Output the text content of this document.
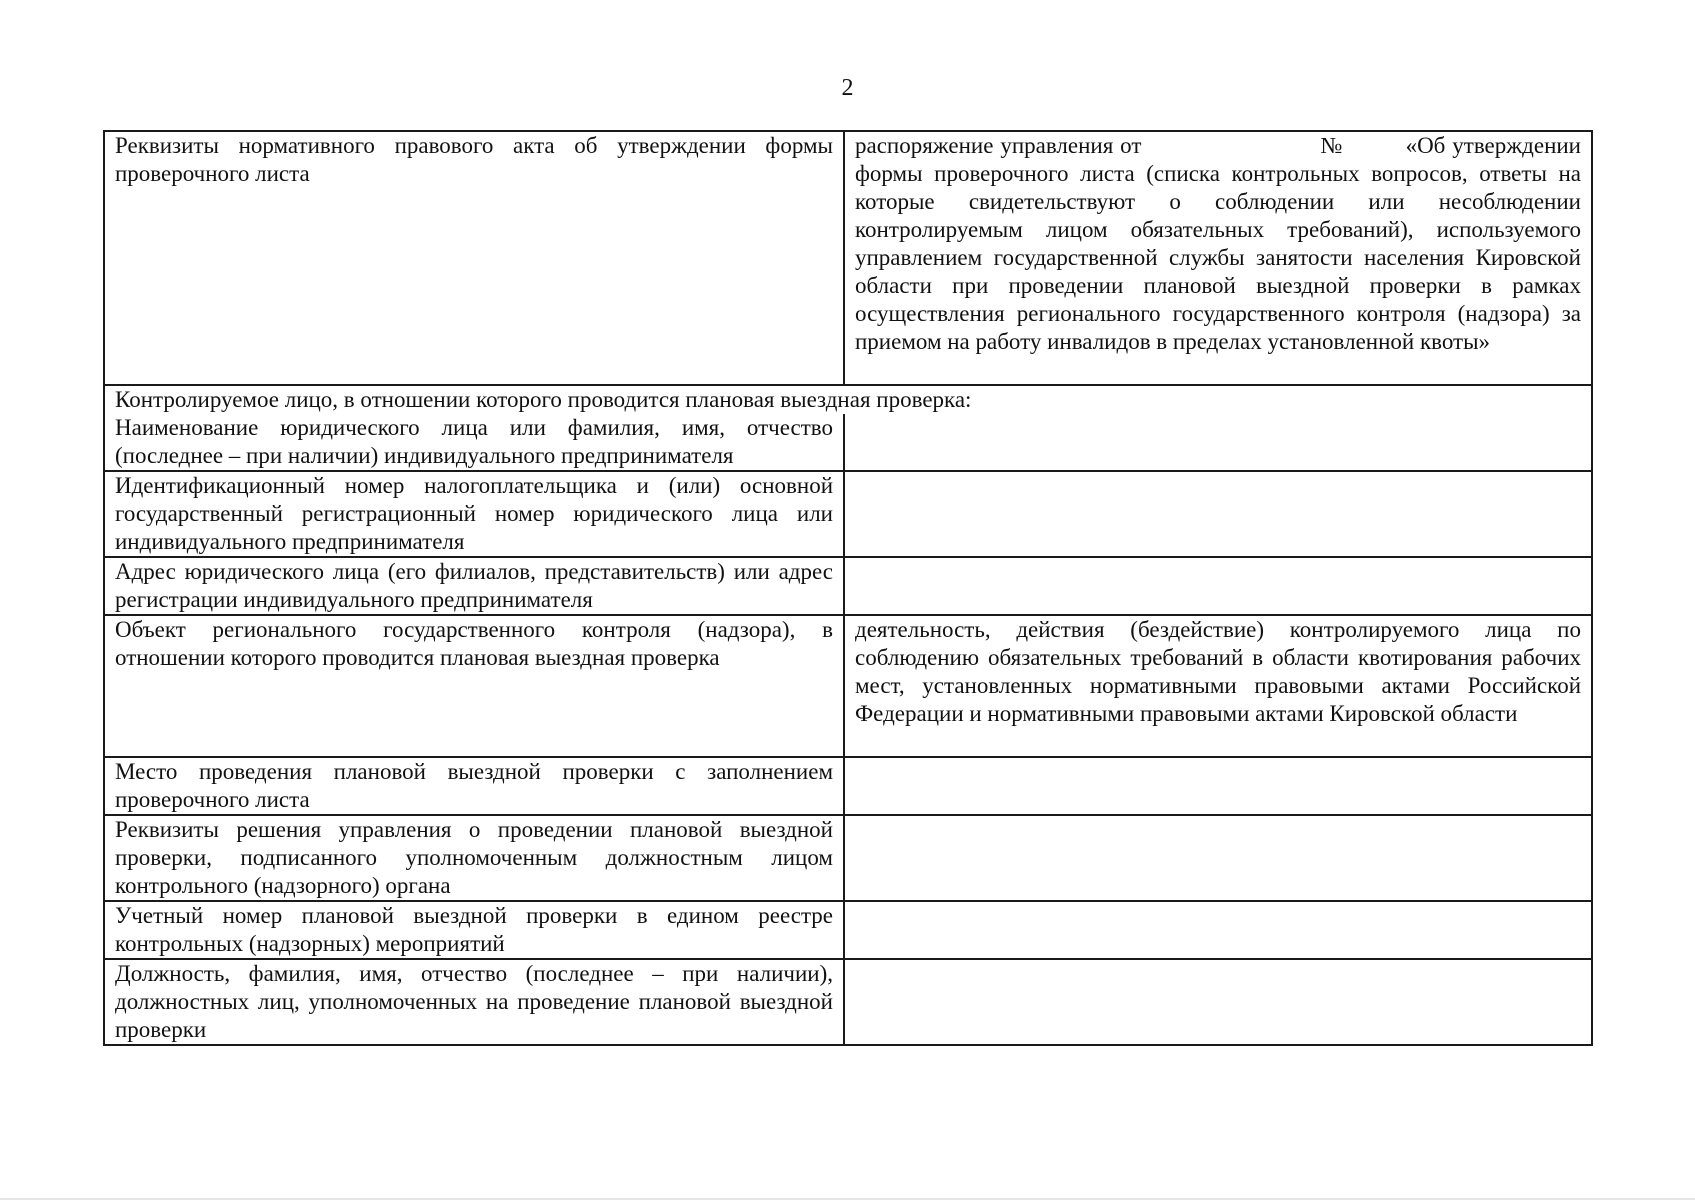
2
Реквизиты нормативного правового акта об утверждении формы проверочного листа	распоряжение управления от                          №         «Об утверждении формы проверочного листа (списка контрольных вопросов, ответы на которые свидетельствуют о соблюдении или несоблюдении контролируемым лицом обязательных требований), используемого управлением государственной службы занятости населения Кировской области при проведении плановой выездной проверки в рамках осуществления регионального государственного контроля (надзора) за приемом на работу инвалидов в пределах установленной квоты»
Контролируемое лицо, в отношении которого проводится плановая выездная проверка:	
Наименование юридического лица или фамилия, имя, отчество (последнее – при наличии) индивидуального предпринимателя	
Идентификационный номер налогоплательщика и (или) основной государственный регистрационный номер юридического лица или индивидуального предпринимателя	
Адрес юридического лица (его филиалов, представительств) или адрес регистрации индивидуального предпринимателя	
Объект регионального государственного контроля (надзора), в отношении которого проводится плановая выездная проверка	деятельность, действия (бездействие) контролируемого лица по соблюдению обязательных требований в области квотирования рабочих мест, установленных нормативными правовыми актами Российской Федерации и нормативными правовыми актами Кировской области
Место проведения плановой выездной проверки с заполнением проверочного листа	
Реквизиты решения управления о проведении плановой выездной проверки, подписанного уполномоченным должностным лицом контрольного (надзорного) органа	
Учетный номер плановой выездной проверки в едином реестре контрольных (надзорных) мероприятий	
Должность, фамилия, имя, отчество (последнее – при наличии), должностных лиц, уполномоченных на проведение плановой выездной проверки	
